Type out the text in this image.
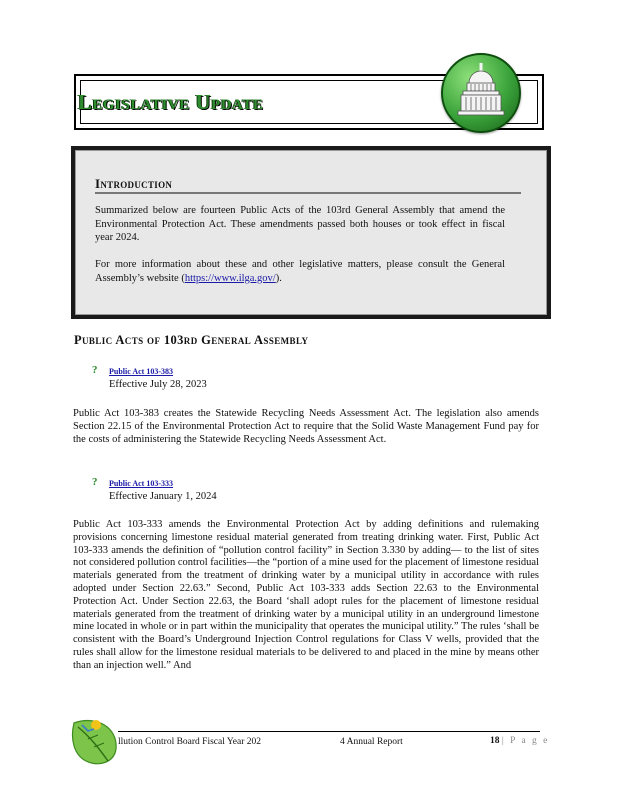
Legislative Update
Introduction
Summarized below are fourteen Public Acts of the 103rd General Assembly that amend the Environmental Protection Act. These amendments passed both houses or took effect in fiscal year 2024.
For more information about these and other legislative matters, please consult the General Assembly’s website (https://www.ilga.gov/).
Public Acts of 103rd General Assembly
? Public Act 103-383
Effective July 28, 2023
Public Act 103-383 creates the Statewide Recycling Needs Assessment Act. The legislation also amends Section 22.15 of the Environmental Protection Act to require that the Solid Waste Management Fund pay for the costs of administering the Statewide Recycling Needs Assessment Act.
? Public Act 103-333
Effective January 1, 2024
Public Act 103-333 amends the Environmental Protection Act by adding definitions and rulemaking provisions concerning limestone residual material generated from treating drinking water. First, Public Act 103-333 amends the definition of “pollution control facility” in Section 3.330 by adding— to the list of sites not considered pollution control facilities—the “portion of a mine used for the placement of limestone residual materials generated from the treatment of drinking water by a municipal utility in accordance with rules adopted under Section 22.63.” Second, Public Act 103-333 adds Section 22.63 to the Environmental Protection Act. Under Section 22.63, the Board ‘shall adopt rules for the placement of limestone residual materials generated from the treatment of drinking water by a municipal utility in an underground limestone mine located in whole or in part within the municipality that operates the municipal utility.” The rules ‘shall be consistent with the Board’s Underground Injection Control regulations for Class V wells, provided that the rules shall allow for the limestone residual materials to be delivered to and placed in the mine by means other than an injection well.” And
llution Control Board Fiscal Year 202	4 Annual Report	18 | P a g e
